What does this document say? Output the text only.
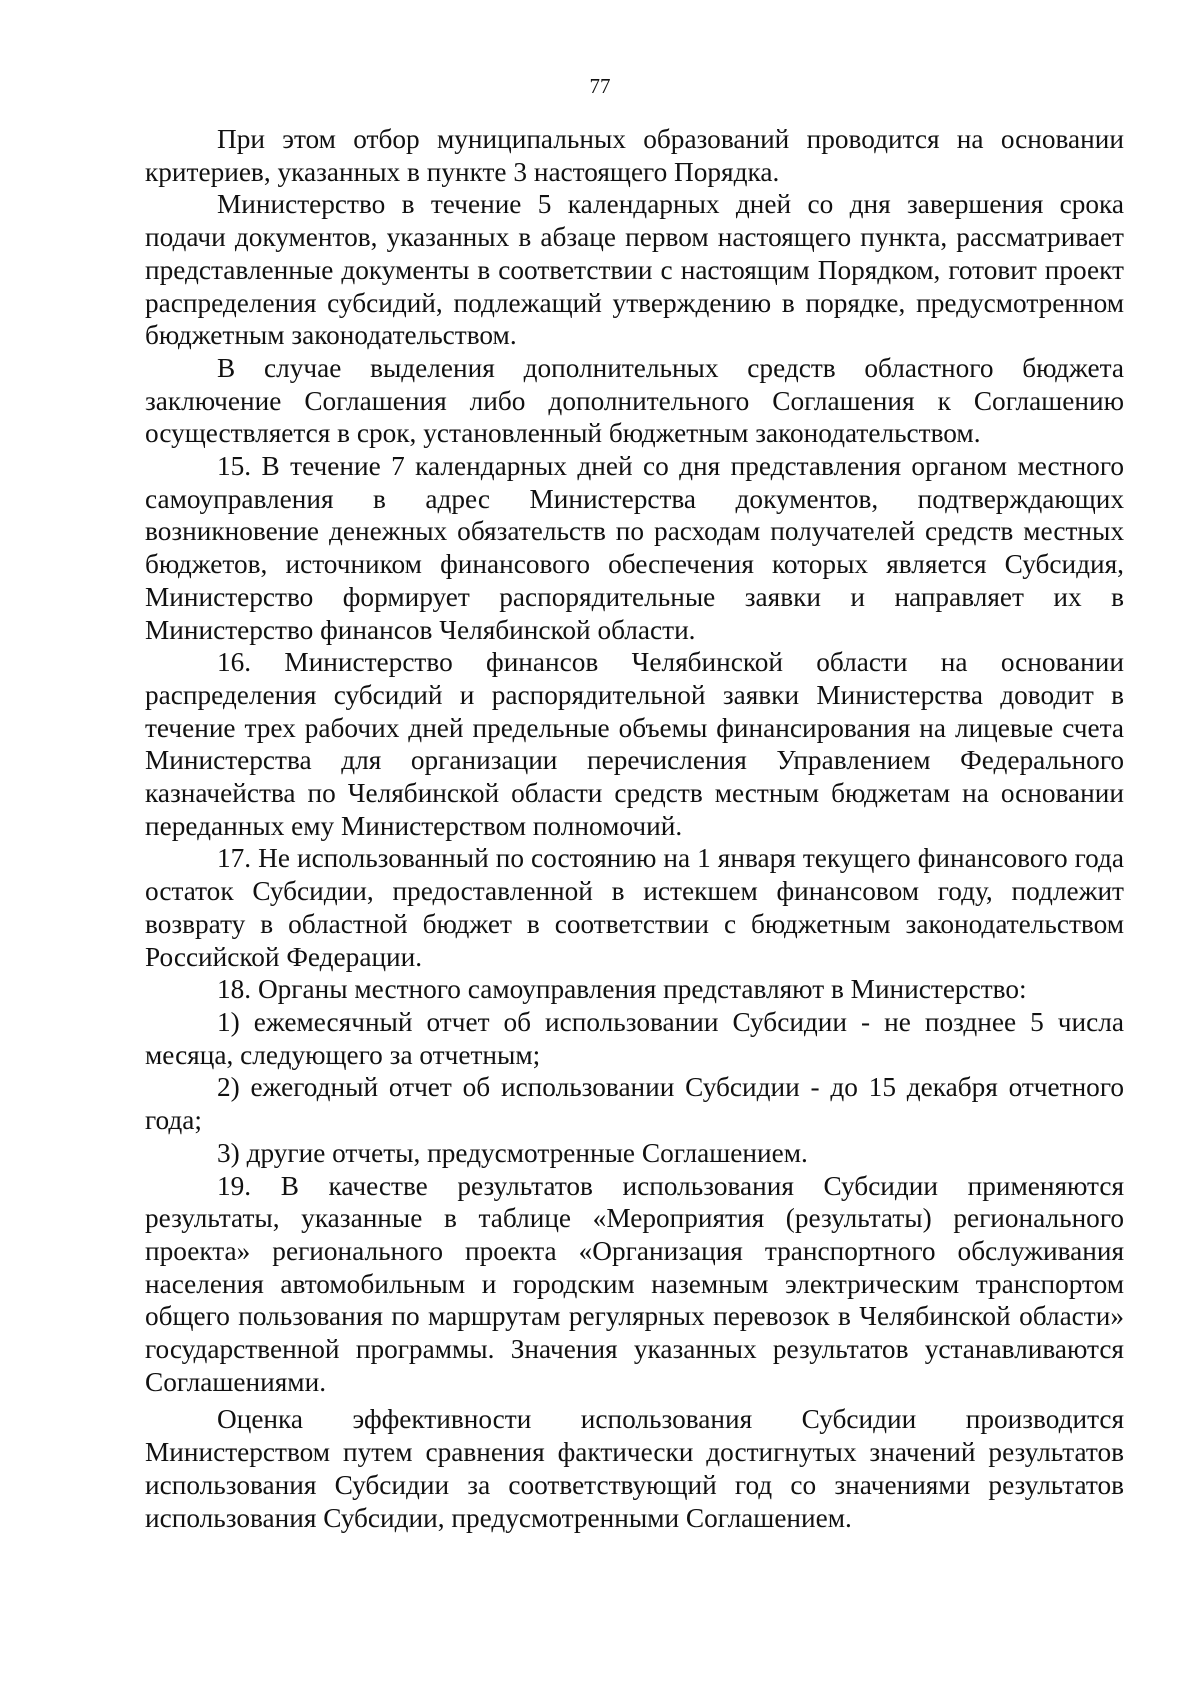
77

При этом отбор муниципальных образований проводится на основании критериев, указанных в пункте 3 настоящего Порядка.

Министерство в течение 5 календарных дней со дня завершения срока подачи документов, указанных в абзаце первом настоящего пункта, рассматривает представленные документы в соответствии с настоящим Порядком, готовит проект распределения субсидий, подлежащий утверждению в порядке, предусмотренном бюджетным законодательством.

В случае выделения дополнительных средств областного бюджета заключение Соглашения либо дополнительного Соглашения к Соглашению осуществляется в срок, установленный бюджетным законодательством.

15. В течение 7 календарных дней со дня представления органом местного самоуправления в адрес Министерства документов, подтверждающих возникновение денежных обязательств по расходам получателей средств местных бюджетов, источником финансового обеспечения которых является Субсидия, Министерство формирует распорядительные заявки и направляет их в Министерство финансов Челябинской области.

16. Министерство финансов Челябинской области на основании распределения субсидий и распорядительной заявки Министерства доводит в течение трех рабочих дней предельные объемы финансирования на лицевые счета Министерства для организации перечисления Управлением Федерального казначейства по Челябинской области средств местным бюджетам на основании переданных ему Министерством полномочий.

17. Не использованный по состоянию на 1 января текущего финансового года остаток Субсидии, предоставленной в истекшем финансовом году, подлежит возврату в областной бюджет в соответствии с бюджетным законодательством Российской Федерации.

18. Органы местного самоуправления представляют в Министерство:

1) ежемесячный отчет об использовании Субсидии - не позднее 5 числа месяца, следующего за отчетным;

2) ежегодный отчет об использовании Субсидии - до 15 декабря отчетного года;

3) другие отчеты, предусмотренные Соглашением.

19. В качестве результатов использования Субсидии применяются результаты, указанные в таблице «Мероприятия (результаты) регионального проекта» регионального проекта «Организация транспортного обслуживания населения автомобильным и городским наземным электрическим транспортом общего пользования по маршрутам регулярных перевозок в Челябинской области» государственной программы. Значения указанных результатов устанавливаются Соглашениями.

Оценка эффективности использования Субсидии производится Министерством путем сравнения фактически достигнутых значений результатов использования Субсидии за соответствующий год со значениями результатов использования Субсидии, предусмотренными Соглашением.
